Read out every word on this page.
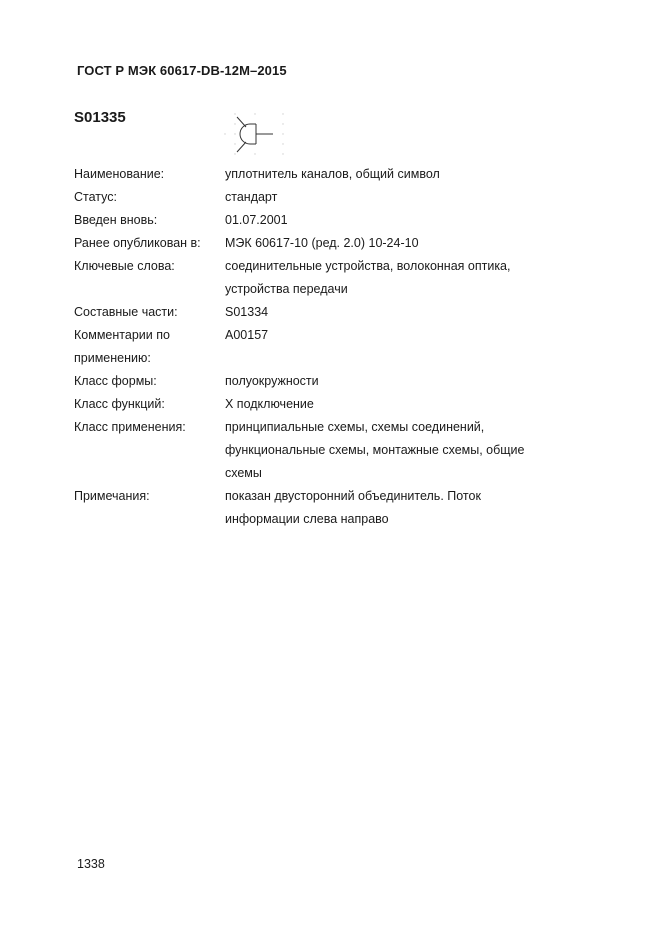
ГОСТ Р МЭК 60617-DB-12M–2015
S01335
Наименование:	уплотнитель каналов, общий символ
Статус:	стандарт
Введен вновь:	01.07.2001
Ранее опубликован в:	МЭК 60617-10 (ред. 2.0) 10-24-10
Ключевые слова:	соединительные устройства, волоконная оптика,
устройства передачи
Составные части:	S01334
Комментарии по
применению:
A00157
Класс формы:	полуокружности
Класс функций:	X подключение
Класс применения:	принципиальные схемы, схемы соединений,
функциональные схемы, монтажные схемы, общие
схемы
Примечания:	показан двусторонний объединитель. Поток
информации слева направо
1338
